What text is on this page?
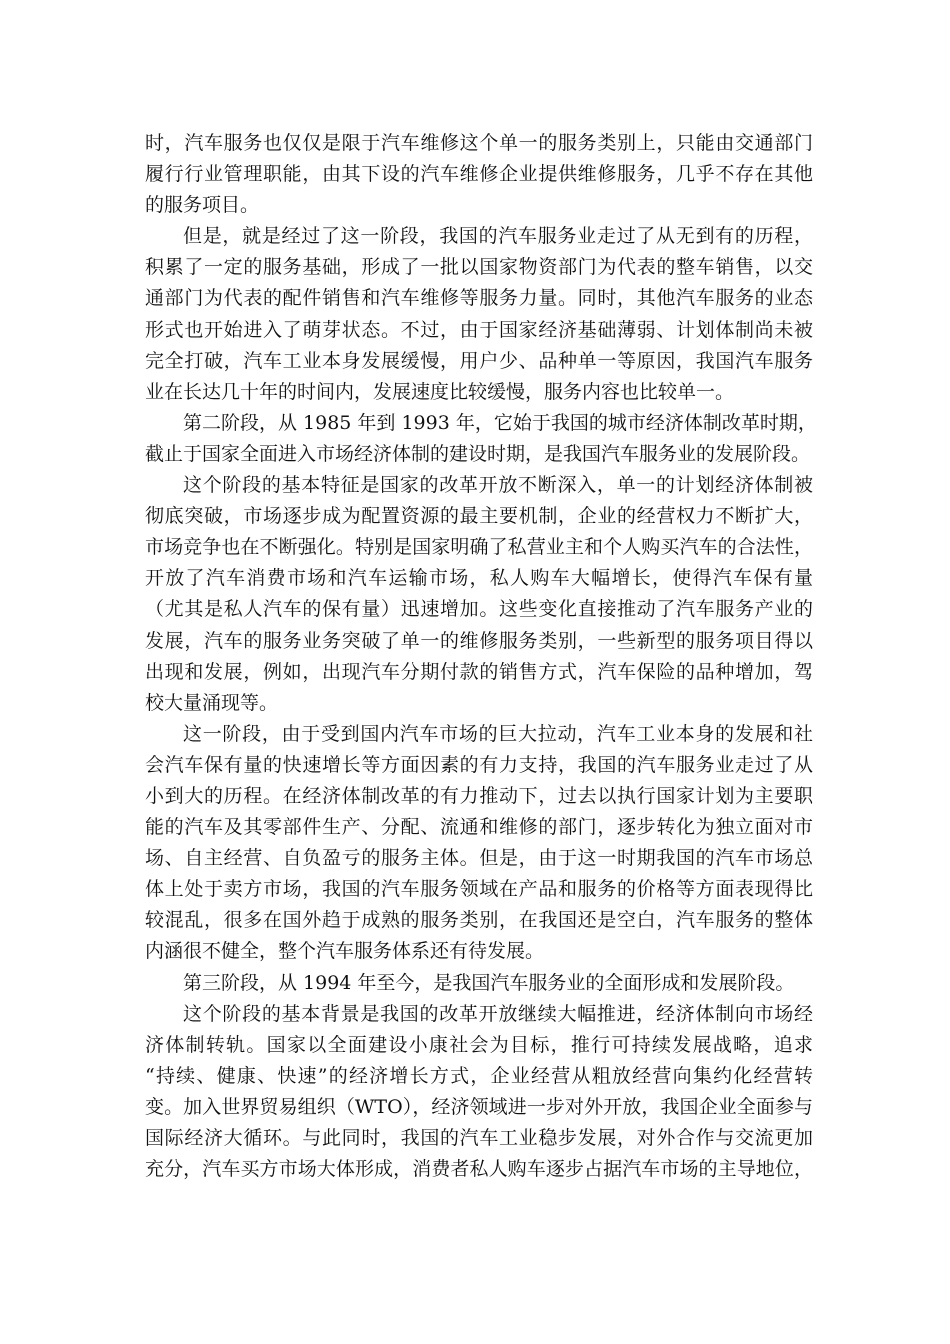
时，汽车服务也仅仅是限于汽车维修这个单一的服务类别上，只能由交通部门
履行行业管理职能，由其下设的汽车维修企业提供维修服务，几乎不存在其他
的服务项目。
但是，就是经过了这一阶段，我国的汽车服务业走过了从无到有的历程，
积累了一定的服务基础，形成了一批以国家物资部门为代表的整车销售，以交
通部门为代表的配件销售和汽车维修等服务力量。同时，其他汽车服务的业态
形式也开始进入了萌芽状态。不过，由于国家经济基础薄弱、计划体制尚未被
完全打破，汽车工业本身发展缓慢，用户少、品种单一等原因，我国汽车服务
业在长达几十年的时间内，发展速度比较缓慢，服务内容也比较单一。
第二阶段，从 1985 年到 1993 年，它始于我国的城市经济体制改革时期，
截止于国家全面进入市场经济体制的建设时期，是我国汽车服务业的发展阶段。
这个阶段的基本特征是国家的改革开放不断深入，单一的计划经济体制被
彻底突破，市场逐步成为配置资源的最主要机制，企业的经营权力不断扩大，
市场竞争也在不断强化。特别是国家明确了私营业主和个人购买汽车的合法性，
开放了汽车消费市场和汽车运输市场，私人购车大幅增长，使得汽车保有量
（尤其是私人汽车的保有量）迅速增加。这些变化直接推动了汽车服务产业的
发展，汽车的服务业务突破了单一的维修服务类别，一些新型的服务项目得以
出现和发展，例如，出现汽车分期付款的销售方式，汽车保险的品种增加，驾
校大量涌现等。
这一阶段，由于受到国内汽车市场的巨大拉动，汽车工业本身的发展和社
会汽车保有量的快速增长等方面因素的有力支持，我国的汽车服务业走过了从
小到大的历程。在经济体制改革的有力推动下，过去以执行国家计划为主要职
能的汽车及其零部件生产、分配、流通和维修的部门，逐步转化为独立面对市
场、自主经营、自负盈亏的服务主体。但是，由于这一时期我国的汽车市场总
体上处于卖方市场，我国的汽车服务领域在产品和服务的价格等方面表现得比
较混乱，很多在国外趋于成熟的服务类别，在我国还是空白，汽车服务的整体
内涵很不健全，整个汽车服务体系还有待发展。
第三阶段，从 1994 年至今，是我国汽车服务业的全面形成和发展阶段。
这个阶段的基本背景是我国的改革开放继续大幅推进，经济体制向市场经
济体制转轨。国家以全面建设小康社会为目标，推行可持续发展战略，追求
“持续、健康、快速”的经济增长方式，企业经营从粗放经营向集约化经营转
变。加入世界贸易组织（WTO），经济领域进一步对外开放，我国企业全面参与
国际经济大循环。与此同时，我国的汽车工业稳步发展，对外合作与交流更加
充分，汽车买方市场大体形成，消费者私人购车逐步占据汽车市场的主导地位，
